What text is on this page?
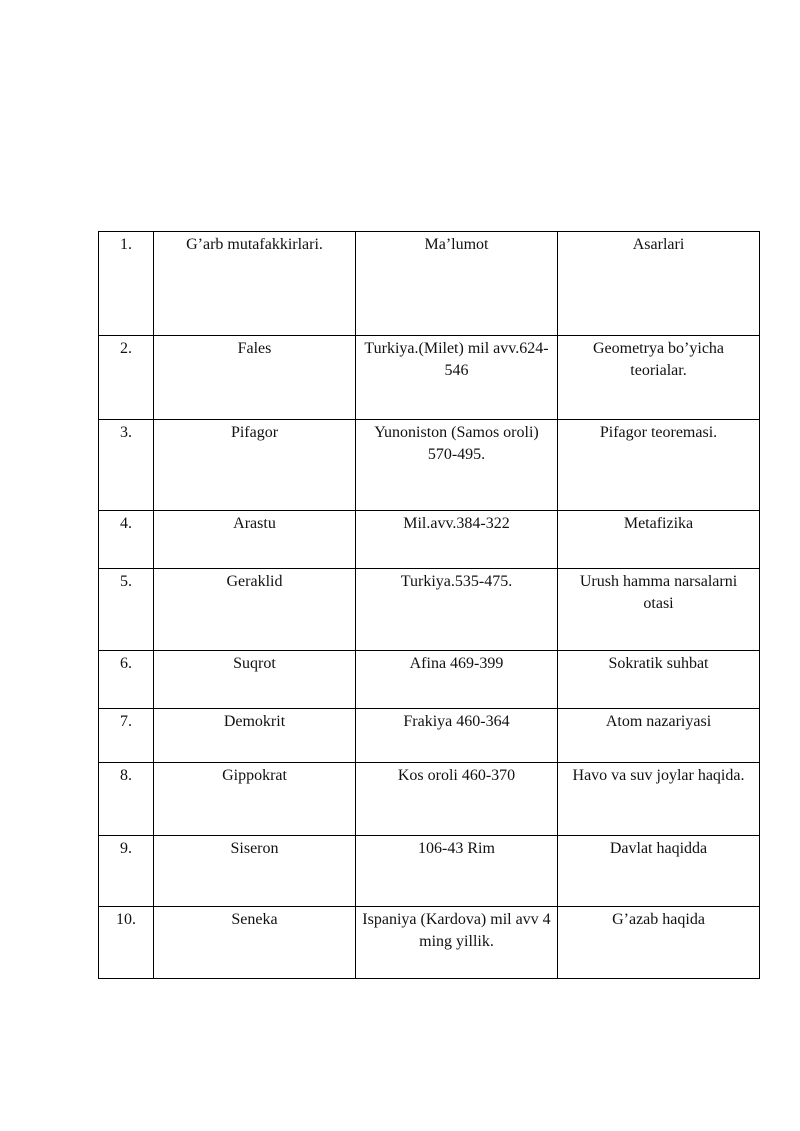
1.	G’arb mutafakkirlari.	Ma’lumot	Asarlari
2.	Fales	Turkiya.(Milet) mil avv.624-546	Geometrya bo’yicha teorialar.
3.	Pifagor	Yunoniston (Samos oroli) 570-495.	Pifagor teoremasi.
4.	Arastu	Mil.avv.384-322	Metafizika
5.	Geraklid	Turkiya.535-475.	Urush hamma narsalarni otasi
6.	Suqrot	Afina 469-399	Sokratik suhbat
7.	Demokrit	Frakiya 460-364	Atom nazariyasi
8.	Gippokrat	Kos oroli 460-370	Havo va suv joylar haqida.
9.	Siseron	106-43 Rim	Davlat haqidda
10.	Seneka	Ispaniya (Kardova) mil avv 4 ming yillik.	G’azab haqida
